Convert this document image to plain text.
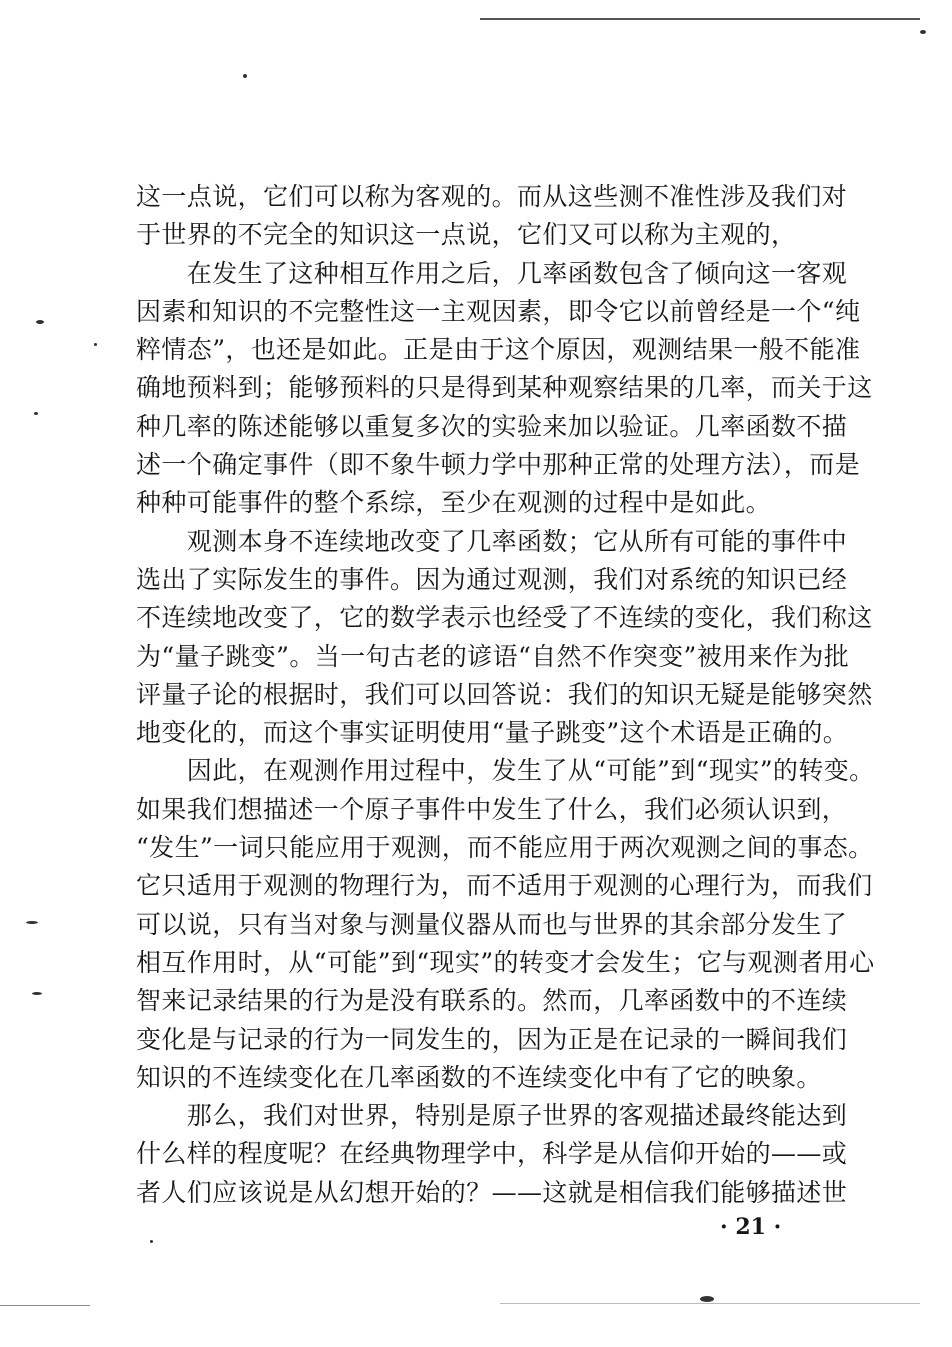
这一点说，它们可以称为客观的。而从这些测不准性涉及我们对
于世界的不完全的知识这一点说，它们又可以称为主观的，
　　在发生了这种相互作用之后，几率函数包含了倾向这一客观
因素和知识的不完整性这一主观因素，即令它以前曾经是一个“纯
粹情态”，也还是如此。正是由于这个原因，观测结果一般不能准
确地预料到；能够预料的只是得到某种观察结果的几率，而关于这
种几率的陈述能够以重复多次的实验来加以验证。几率函数不描
述一个确定事件（即不象牛顿力学中那种正常的处理方法），而是
种种可能事件的整个系综，至少在观测的过程中是如此。
　　观测本身不连续地改变了几率函数；它从所有可能的事件中
选出了实际发生的事件。因为通过观测，我们对系统的知识已经
不连续地改变了，它的数学表示也经受了不连续的变化，我们称这
为“量子跳变”。当一句古老的谚语“自然不作突变”被用来作为批
评量子论的根据时，我们可以回答说：我们的知识无疑是能够突然
地变化的，而这个事实证明使用“量子跳变”这个术语是正确的。
　　因此，在观测作用过程中，发生了从“可能”到“现实”的转变。
如果我们想描述一个原子事件中发生了什么，我们必须认识到，
“发生”一词只能应用于观测，而不能应用于两次观测之间的事态。
它只适用于观测的物理行为，而不适用于观测的心理行为，而我们
可以说，只有当对象与测量仪器从而也与世界的其余部分发生了
相互作用时，从“可能”到“现实”的转变才会发生；它与观测者用心
智来记录结果的行为是没有联系的。然而，几率函数中的不连续
变化是与记录的行为一同发生的，因为正是在记录的一瞬间我们
知识的不连续变化在几率函数的不连续变化中有了它的映象。
　　那么，我们对世界，特别是原子世界的客观描述最终能达到
什么样的程度呢？在经典物理学中，科学是从信仰开始的——或
者人们应该说是从幻想开始的？——这就是相信我们能够描述世
· 21 ·
